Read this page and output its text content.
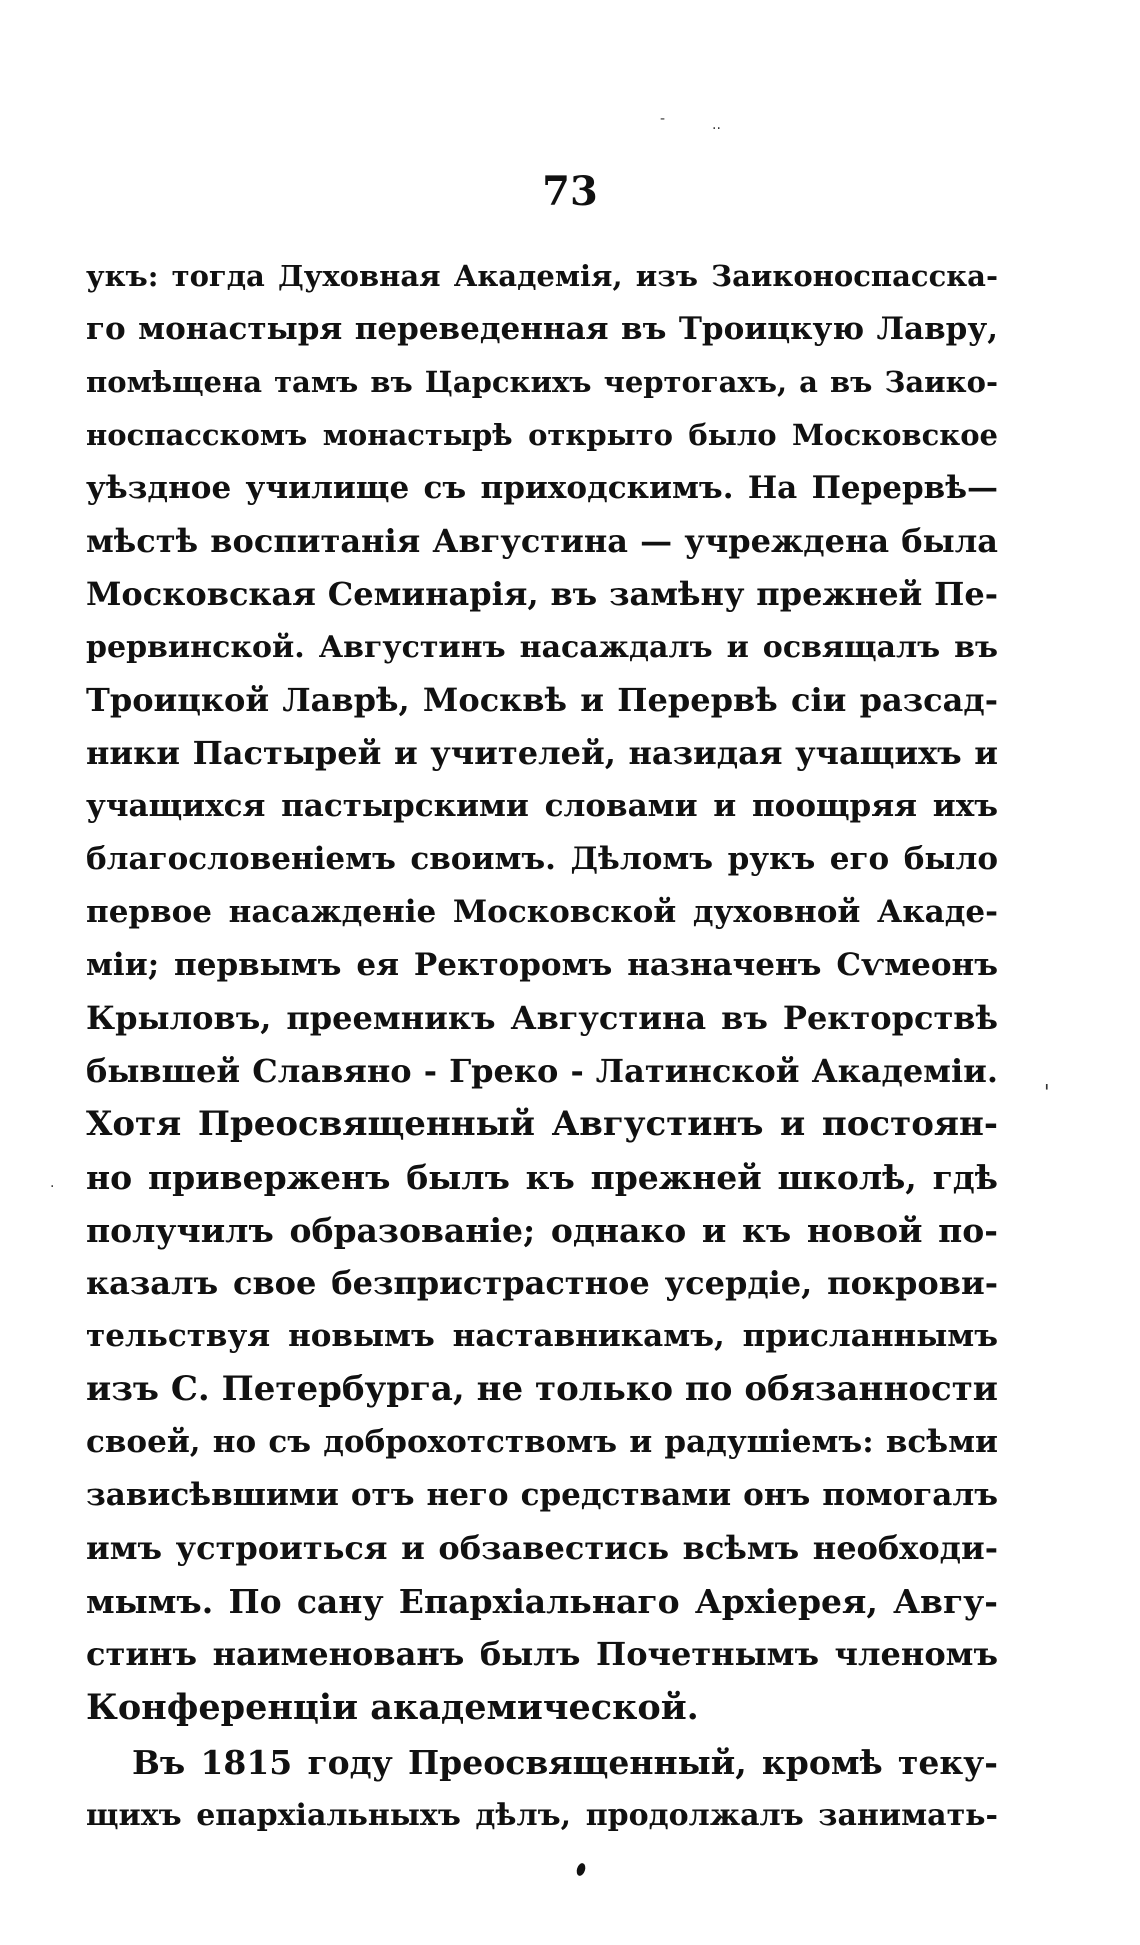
-	..
73
укъ: тогда Духовная Академія, изъ Заиконоспасска-
го монастыря переведенная въ Троицкую Лавру,
помѣщена тамъ въ Царскихъ чертогахъ, а въ Заико-
носпасскомъ монастырѣ открыто было Московское
уѣздное училище съ приходскимъ. На Перервѣ—
мѣстѣ воспитанія Августина — учреждена была
Московская Семинарія, въ замѣну прежней Пе-
рервинской. Августинъ насаждалъ и освящалъ въ
Троицкой Лаврѣ, Москвѣ и Перервѣ сіи разсад-
ники Пастырей и учителей, назидая учащихъ и
учащихся пастырскими словами и поощряя ихъ
благословеніемъ своимъ. Дѣломъ рукъ его было
первое насажденіе Московской духовной Акаде-
міи; первымъ ея Ректоромъ назначенъ Сѵмеонъ
Крыловъ, преемникъ Августина въ Ректорствѣ
бывшей Славяно - Греко - Латинской Академіи.
Хотя Преосвященный Августинъ и постоян-
но приверженъ былъ къ прежней школѣ, гдѣ
получилъ образованіе; однако и къ новой по-
казалъ свое безпристрастное усердіе, покрови-
тельствуя новымъ наставникамъ, присланнымъ
изъ С. Петербурга, не только по обязанности
своей, но съ доброхотствомъ и радушіемъ: всѣми
зависѣвшими отъ него средствами онъ помогалъ
имъ устроиться и обзавестись всѣмъ необходи-
мымъ. По сану Епархіальнаго Архіерея, Авгу-
стинъ наименованъ былъ Почетнымъ членомъ
Конференціи академической.
Въ 1815 году Преосвященный, кромѣ теку-
щихъ епархіальныхъ дѣлъ, продолжалъ занимать-
'
·
